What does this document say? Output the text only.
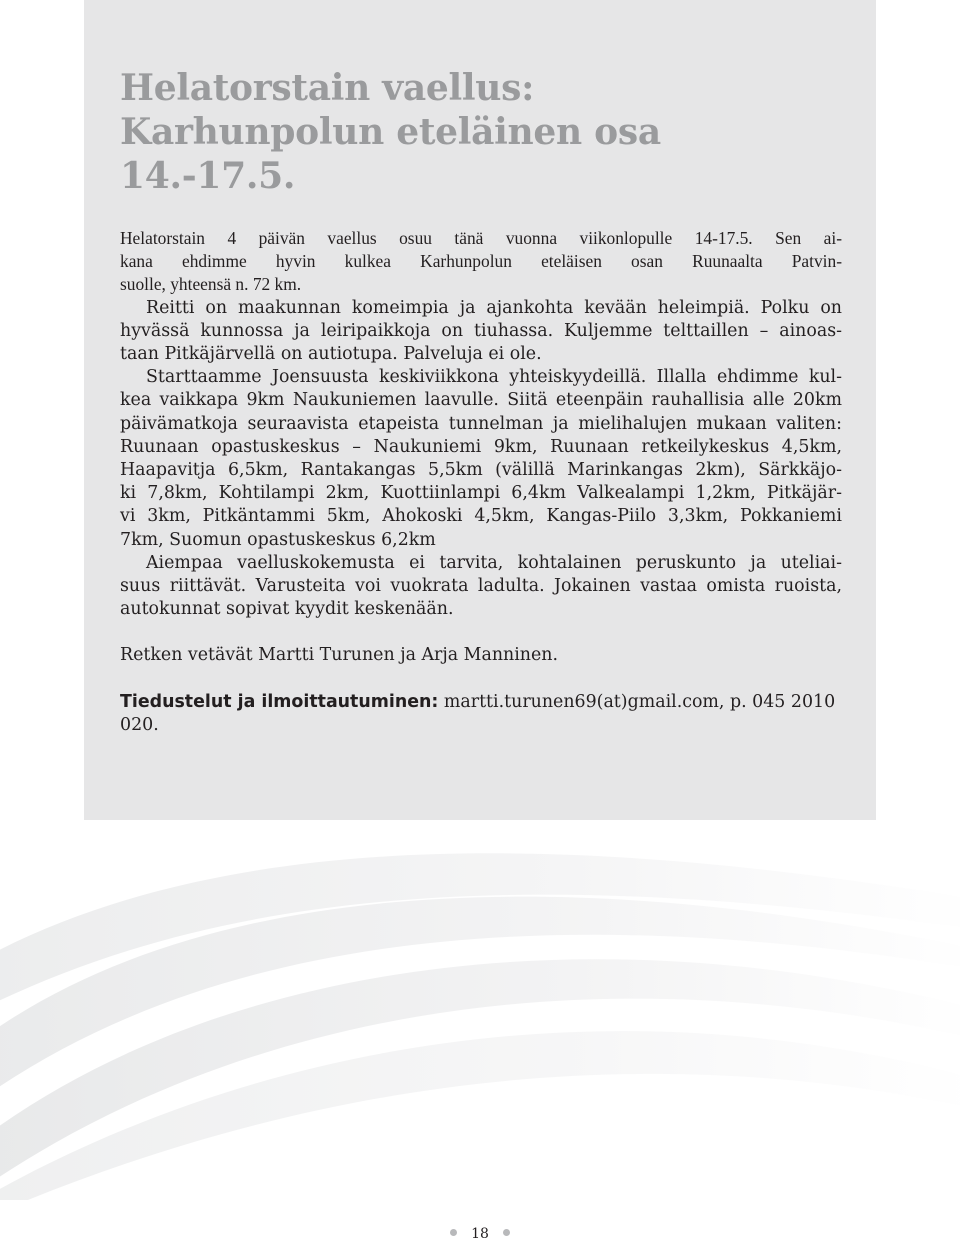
Helatorstain vaellus:
Karhunpolun eteläinen osa
14.-17.5.
Helatorstain 4 päivän vaellus osuu tänä vuonna viikonlopulle 14-17.5. Sen ai-
kana ehdimme hyvin kulkea Karhunpolun eteläisen osan Ruunaalta Patvin-
suolle, yhteensä n. 72 km.
Reitti on maakunnan komeimpia ja ajankohta kevään heleimpiä. Polku on
hyvässä kunnossa ja leiripaikkoja on tiuhassa. Kuljemme telttaillen – ainoas-
taan Pitkäjärvellä on autiotupa. Palveluja ei ole.
Starttaamme Joensuusta keskiviikkona yhteiskyydeillä. Illalla ehdimme kul-
kea vaikkapa 9km Naukuniemen laavulle. Siitä eteenpäin rauhallisia alle 20km
päivämatkoja seuraavista etapeista tunnelman ja mielihalujen mukaan valiten:
Ruunaan opastuskeskus – Naukuniemi 9km, Ruunaan retkeilykeskus 4,5km,
Haapavitja 6,5km, Rantakangas 5,5km (välillä Marinkangas 2km), Särkkäjo-
ki 7,8km, Kohtilampi 2km, Kuottiinlampi 6,4km Valkealampi 1,2km, Pitkäjär-
vi 3km, Pitkäntammi 5km, Ahokoski 4,5km, Kangas-Piilo 3,3km, Pokkaniemi
7km, Suomun opastuskeskus 6,2km
Aiempaa vaelluskokemusta ei tarvita, kohtalainen peruskunto ja uteliai-
suus riittävät. Varusteita voi vuokrata ladulta. Jokainen vastaa omista ruoista,
autokunnat sopivat kyydit keskenään.
Retken vetävät Martti Turunen ja Arja Manninen.
Tiedustelut ja ilmoittautuminen: martti.turunen69(at)gmail.com, p. 045 2010
020.
18
